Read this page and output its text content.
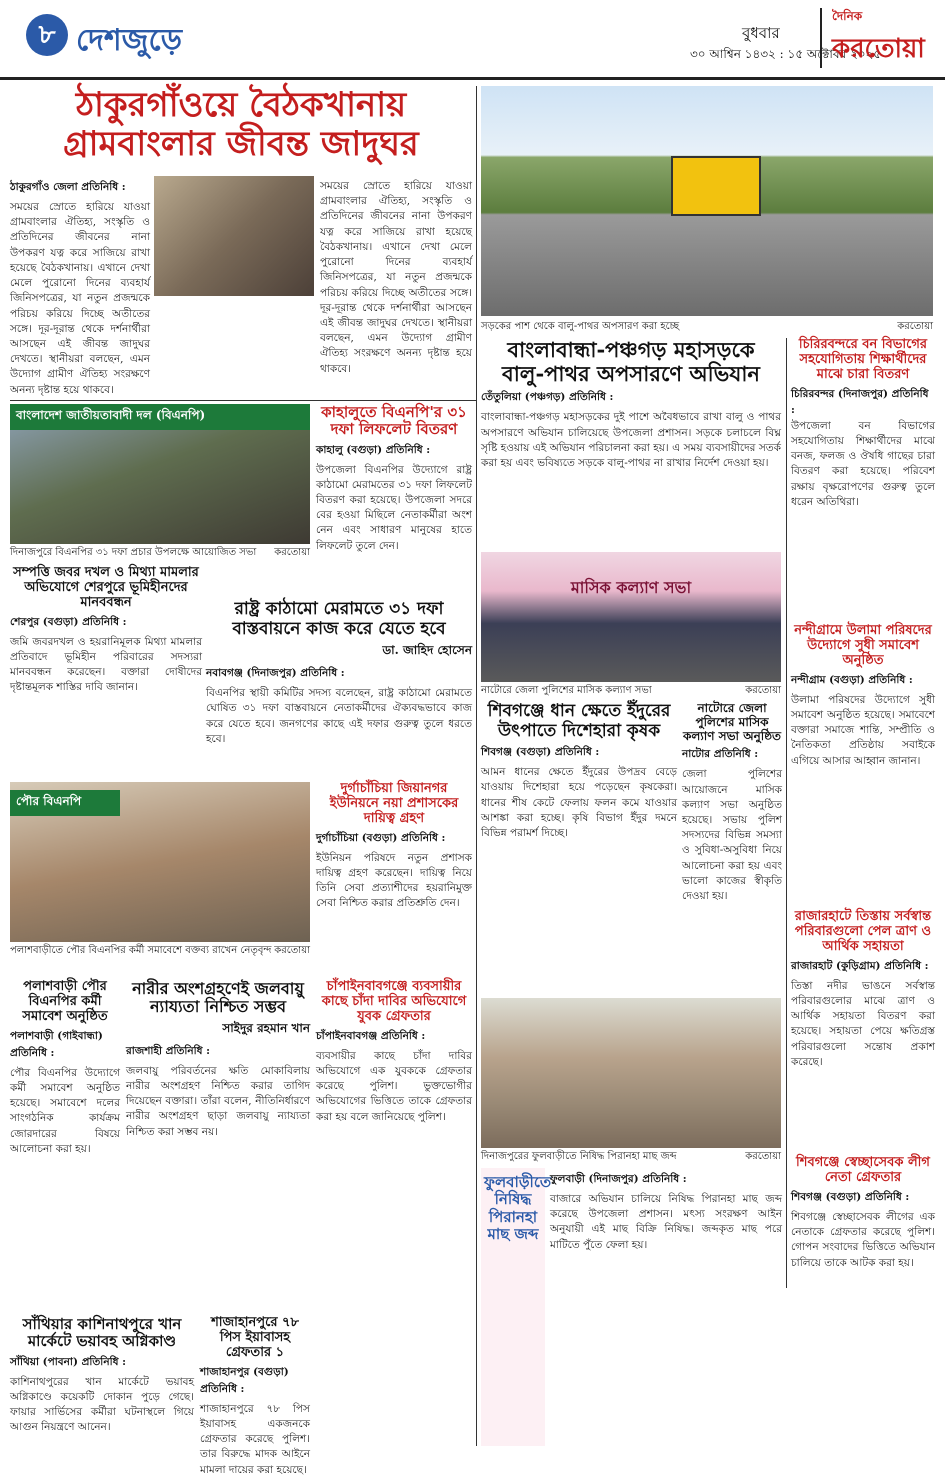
৮ দেশজুড়ে	বুধবার
৩০ আশ্বিন ১৪৩২ : ১৫ অক্টোবর ২০২৫
দৈনিক
করতোয়া
ঠাকুরগাঁওয়ে বৈঠকখানায়
গ্রামবাংলার জীবন্ত জাদুঘর
ঠাকুরগাঁও জেলা প্রতিনিধি :
সময়ের স্রোতে হারিয়ে যাওয়া গ্রামবাংলার ঐতিহ্য, সংস্কৃতি ও প্রতিদিনের জীবনের নানা উপকরণ যত্ন করে সাজিয়ে রাখা হয়েছে বৈঠকখানায়। এখানে দেখা মেলে পুরোনো দিনের ব্যবহার্য জিনিসপত্রের, যা নতুন প্রজন্মকে পরিচয় করিয়ে দিচ্ছে অতীতের সঙ্গে। দূর-দূরান্ত থেকে দর্শনার্থীরা আসছেন এই জীবন্ত জাদুঘর দেখতে। স্থানীয়রা বলছেন, এমন উদ্যোগ গ্রামীণ ঐতিহ্য সংরক্ষণে অনন্য দৃষ্টান্ত হয়ে থাকবে।
সময়ের স্রোতে হারিয়ে যাওয়া গ্রামবাংলার ঐতিহ্য, সংস্কৃতি ও প্রতিদিনের জীবনের নানা উপকরণ যত্ন করে সাজিয়ে রাখা হয়েছে বৈঠকখানায়। এখানে দেখা মেলে পুরোনো দিনের ব্যবহার্য জিনিসপত্রের, যা নতুন প্রজন্মকে পরিচয় করিয়ে দিচ্ছে অতীতের সঙ্গে। দূর-দূরান্ত থেকে দর্শনার্থীরা আসছেন এই জীবন্ত জাদুঘর দেখতে। স্থানীয়রা বলছেন, এমন উদ্যোগ গ্রামীণ ঐতিহ্য সংরক্ষণে অনন্য দৃষ্টান্ত হয়ে থাকবে।
সড়কের পাশ থেকে বালু-পাথর অপসারণ করা হচ্ছে	করতোয়া
বাংলাদেশ জাতীয়তাবাদী দল (বিএনপি)
দিনাজপুরে বিএনপির ৩১ দফা প্রচার উপলক্ষে আয়োজিত সভা করতোয়া
কাহালুতে বিএনপি'র ৩১ দফা লিফলেট বিতরণ
কাহালু (বগুড়া) প্রতিনিধি :
উপজেলা বিএনপির উদ্যোগে রাষ্ট্র কাঠামো মেরামতের ৩১ দফা লিফলেট বিতরণ করা হয়েছে। উপজেলা সদরে বের হওয়া মিছিলে নেতাকর্মীরা অংশ নেন এবং সাধারণ মানুষের হাতে লিফলেট তুলে দেন।
সম্পত্তি জবর দখল ও মিথ্যা মামলার অভিযোগে শেরপুরে ভূমিহীনদের মানববন্ধন
শেরপুর (বগুড়া) প্রতিনিধি :
জমি জবরদখল ও হয়রানিমূলক মিথ্যা মামলার প্রতিবাদে ভূমিহীন পরিবারের সদস্যরা মানববন্ধন করেছেন। বক্তারা দোষীদের দৃষ্টান্তমূলক শাস্তির দাবি জানান।
রাষ্ট্র কাঠামো মেরামতে ৩১ দফা বাস্তবায়নে কাজ করে যেতে হবে
ডা. জাহিদ হোসেন
নবাবগঞ্জ (দিনাজপুর) প্রতিনিধি :
বিএনপির স্থায়ী কমিটির সদস্য বলেছেন, রাষ্ট্র কাঠামো মেরামতে ঘোষিত ৩১ দফা বাস্তবায়নে নেতাকর্মীদের ঐক্যবদ্ধভাবে কাজ করে যেতে হবে। জনগণের কাছে এই দফার গুরুত্ব তুলে ধরতে হবে।
পৌর বিএনপি
পলাশবাড়ীতে পৌর বিএনপির কর্মী সমাবেশে বক্তব্য রাখেন নেতৃবৃন্দ করতোয়া
দুর্গাচাঁচিয়া জিয়ানগর ইউনিয়নে নয়া প্রশাসকের দায়িত্ব গ্রহণ
দুর্গাচাঁচিয়া (বগুড়া) প্রতিনিধি :
ইউনিয়ন পরিষদে নতুন প্রশাসক দায়িত্ব গ্রহণ করেছেন। দায়িত্ব নিয়ে তিনি সেবা প্রত্যাশীদের হয়রানিমুক্ত সেবা নিশ্চিত করার প্রতিশ্রুতি দেন।
বাংলাবান্ধা-পঞ্চগড় মহাসড়কে
বালু-পাথর অপসারণে অভিযান
তেঁতুলিয়া (পঞ্চগড়) প্রতিনিধি :
বাংলাবান্ধা-পঞ্চগড় মহাসড়কের দুই পাশে অবৈধভাবে রাখা বালু ও পাথর অপসারণে অভিযান চালিয়েছে উপজেলা প্রশাসন। সড়কে চলাচলে বিঘ্ন সৃষ্টি হওয়ায় এই অভিযান পরিচালনা করা হয়। এ সময় ব্যবসায়ীদের সতর্ক করা হয় এবং ভবিষ্যতে সড়কে বালু-পাথর না রাখার নির্দেশ দেওয়া হয়।
চিরিরবন্দরে বন বিভাগের সহযোগিতায় শিক্ষার্থীদের মাঝে চারা বিতরণ
চিরিরবন্দর (দিনাজপুর) প্রতিনিধি :
উপজেলা বন বিভাগের সহযোগিতায় শিক্ষার্থীদের মাঝে বনজ, ফলজ ও ঔষধি গাছের চারা বিতরণ করা হয়েছে। পরিবেশ রক্ষায় বৃক্ষরোপণের গুরুত্ব তুলে ধরেন অতিথিরা।
মাসিক কল্যাণ সভা
নাটোরে জেলা পুলিশের মাসিক কল্যাণ সভা	করতোয়া
নন্দীগ্রামে উলামা পরিষদের উদ্যোগে সুধী সমাবেশ অনুষ্ঠিত
নন্দীগ্রাম (বগুড়া) প্রতিনিধি :
উলামা পরিষদের উদ্যোগে সুধী সমাবেশ অনুষ্ঠিত হয়েছে। সমাবেশে বক্তারা সমাজে শান্তি, সম্প্রীতি ও নৈতিকতা প্রতিষ্ঠায় সবাইকে এগিয়ে আসার আহ্বান জানান।
শিবগঞ্জে ধান ক্ষেতে ইঁদুরের উৎপাতে দিশেহারা কৃষক
শিবগঞ্জ (বগুড়া) প্রতিনিধি :
আমন ধানের ক্ষেতে ইঁদুরের উপদ্রব বেড়ে যাওয়ায় দিশেহারা হয়ে পড়েছেন কৃষকেরা। ধানের শীষ কেটে ফেলায় ফলন কমে যাওয়ার আশঙ্কা করা হচ্ছে। কৃষি বিভাগ ইঁদুর দমনে বিভিন্ন পরামর্শ দিচ্ছে।
নাটোরে জেলা পুলিশের মাসিক কল্যাণ সভা অনুষ্ঠিত
নাটোর প্রতিনিধি :
জেলা পুলিশের আয়োজনে মাসিক কল্যাণ সভা অনুষ্ঠিত হয়েছে। সভায় পুলিশ সদস্যদের বিভিন্ন সমস্যা ও সুবিধা-অসুবিধা নিয়ে আলোচনা করা হয় এবং ভালো কাজের স্বীকৃতি দেওয়া হয়।
পলাশবাড়ী পৌর বিএনপির কর্মী সমাবেশ অনুষ্ঠিত
পলাশবাড়ী (গাইবান্ধা) প্রতিনিধি :
পৌর বিএনপির উদ্যোগে কর্মী সমাবেশ অনুষ্ঠিত হয়েছে। সমাবেশে দলের সাংগঠনিক কার্যক্রম জোরদারের বিষয়ে আলোচনা করা হয়।
নারীর অংশগ্রহণেই জলবায়ু ন্যায্যতা নিশ্চিত সম্ভব
সাইদুর রহমান খান
রাজশাহী প্রতিনিধি :
জলবায়ু পরিবর্তনের ক্ষতি মোকাবিলায় নারীর অংশগ্রহণ নিশ্চিত করার তাগিদ দিয়েছেন বক্তারা। তাঁরা বলেন, নীতিনির্ধারণে নারীর অংশগ্রহণ ছাড়া জলবায়ু ন্যায্যতা নিশ্চিত করা সম্ভব নয়।
চাঁপাইনবাবগঞ্জে ব্যবসায়ীর কাছে চাঁদা দাবির অভিযোগে যুবক গ্রেফতার
চাঁপাইনবাবগঞ্জ প্রতিনিধি :
ব্যবসায়ীর কাছে চাঁদা দাবির অভিযোগে এক যুবককে গ্রেফতার করেছে পুলিশ। ভুক্তভোগীর অভিযোগের ভিত্তিতে তাকে গ্রেফতার করা হয় বলে জানিয়েছে পুলিশ।
দিনাজপুরের ফুলবাড়ীতে নিষিদ্ধ পিরানহা মাছ জব্দ	করতোয়া
রাজারহাটে তিস্তায় সর্বস্বান্ত পরিবারগুলো পেল ত্রাণ ও আর্থিক সহায়তা
রাজারহাট (কুড়িগ্রাম) প্রতিনিধি :
তিস্তা নদীর ভাঙনে সর্বস্বান্ত পরিবারগুলোর মাঝে ত্রাণ ও আর্থিক সহায়তা বিতরণ করা হয়েছে। সহায়তা পেয়ে ক্ষতিগ্রস্ত পরিবারগুলো সন্তোষ প্রকাশ করেছে।
শিবগঞ্জে স্বেচ্ছাসেবক লীগ নেতা গ্রেফতার
শিবগঞ্জ (বগুড়া) প্রতিনিধি :
শিবগঞ্জে স্বেচ্ছাসেবক লীগের এক নেতাকে গ্রেফতার করেছে পুলিশ। গোপন সংবাদের ভিত্তিতে অভিযান চালিয়ে তাকে আটক করা হয়।
ফুলবাড়ীতে নিষিদ্ধ পিরানহা মাছ জব্দ
ফুলবাড়ী (দিনাজপুর) প্রতিনিধি :
বাজারে অভিযান চালিয়ে নিষিদ্ধ পিরানহা মাছ জব্দ করেছে উপজেলা প্রশাসন। মৎস্য সংরক্ষণ আইন অনুযায়ী এই মাছ বিক্রি নিষিদ্ধ। জব্দকৃত মাছ পরে মাটিতে পুঁতে ফেলা হয়।
সাঁথিয়ার কাশিনাথপুরে খান মার্কেটে ভয়াবহ অগ্নিকাণ্ড
সাঁথিয়া (পাবনা) প্রতিনিধি :
কাশিনাথপুরের খান মার্কেটে ভয়াবহ অগ্নিকাণ্ডে কয়েকটি দোকান পুড়ে গেছে। ফায়ার সার্ভিসের কর্মীরা ঘটনাস্থলে গিয়ে আগুন নিয়ন্ত্রণে আনেন।
শাজাহানপুরে ৭৮ পিস ইয়াবাসহ গ্রেফতার ১
শাজাহানপুর (বগুড়া) প্রতিনিধি :
শাজাহানপুরে ৭৮ পিস ইয়াবাসহ একজনকে গ্রেফতার করেছে পুলিশ। তার বিরুদ্ধে মাদক আইনে মামলা দায়ের করা হয়েছে।
